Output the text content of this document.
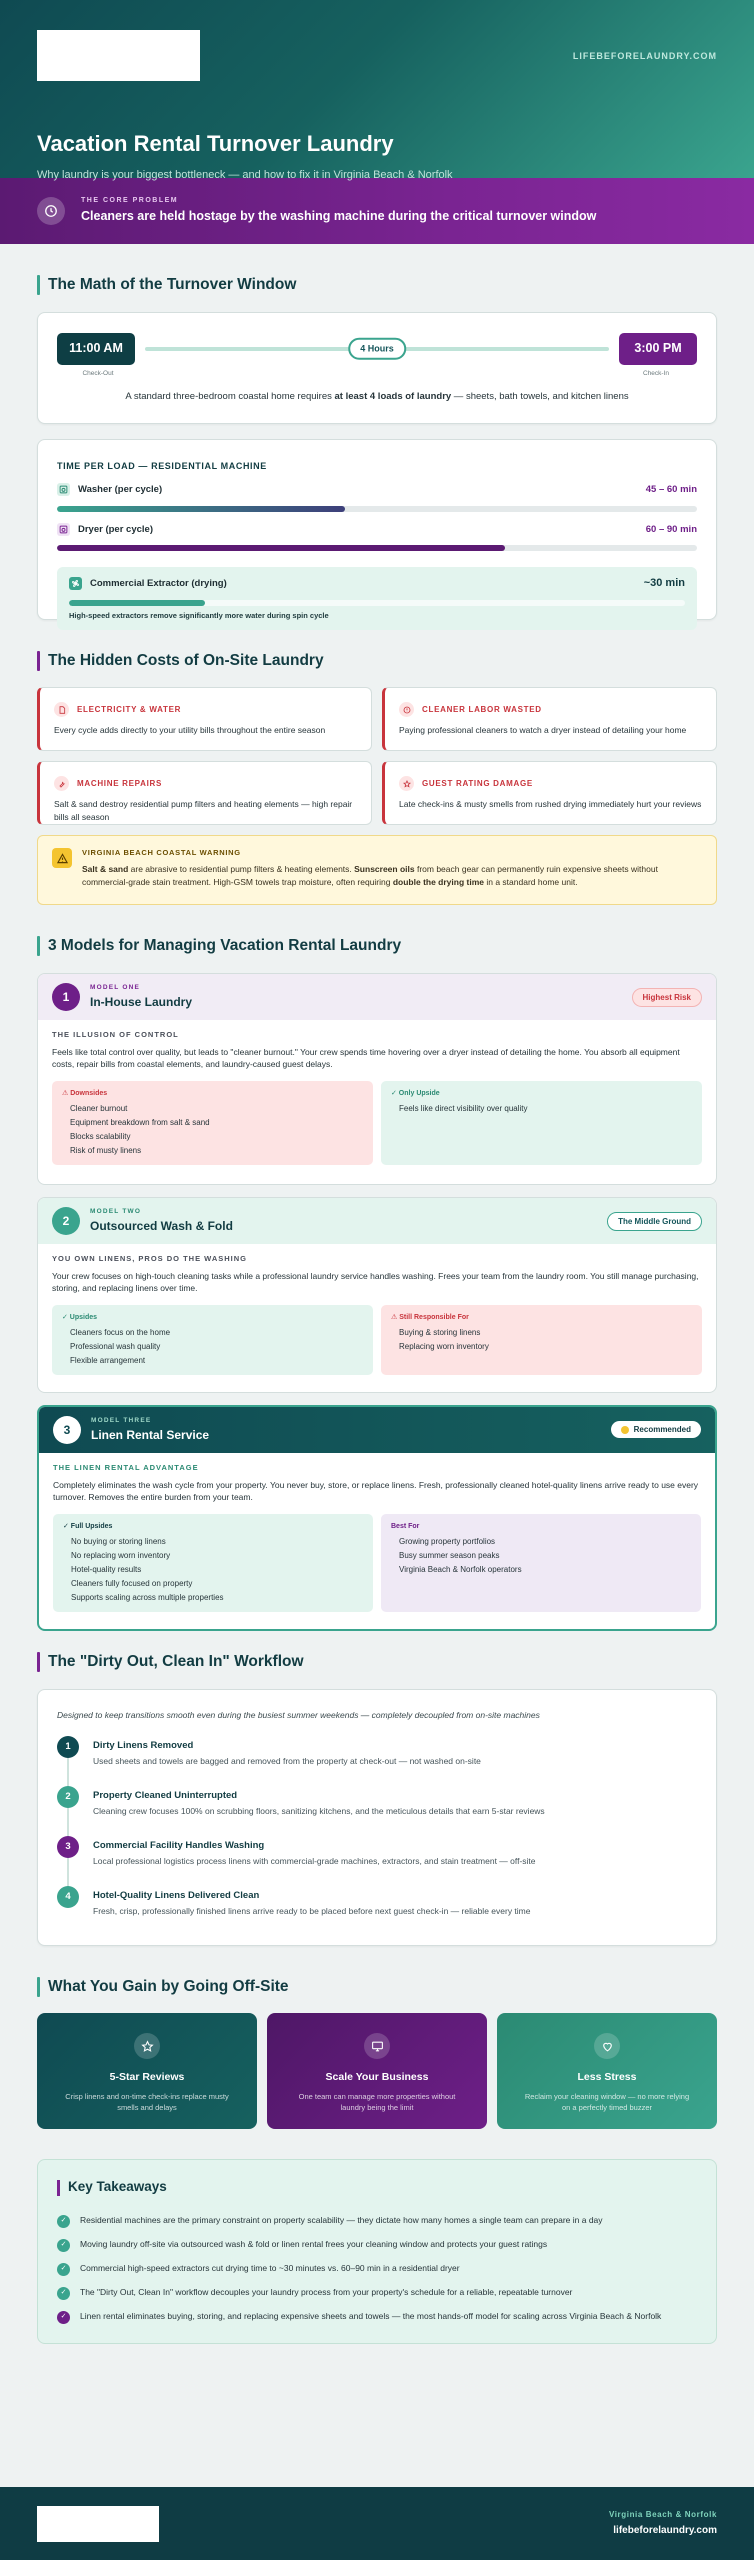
LIFEBEFORELAUNDRY.COM
Vacation Rental Turnover Laundry
Why laundry is your biggest bottleneck — and how to fix it in Virginia Beach & Norfolk
THE CORE PROBLEM
Cleaners are held hostage by the washing machine during the critical turnover window
The Math of the Turnover Window
11:00 AM	4 Hours	3:00 PM
Check-Out	Check-In
A standard three-bedroom coastal home requires at least 4 loads of laundry — sheets, bath towels, and kitchen linens
TIME PER LOAD — RESIDENTIAL MACHINE
Washer (per cycle)	45 – 60 min
Dryer (per cycle)	60 – 90 min
Commercial Extractor (drying)	~30 min
High-speed extractors remove significantly more water during spin cycle
The Hidden Costs of On-Site Laundry
ELECTRICITY & WATER
Every cycle adds directly to your utility bills throughout the entire season
CLEANER LABOR WASTED
Paying professional cleaners to watch a dryer instead of detailing your home
MACHINE REPAIRS
Salt & sand destroy residential pump filters and heating elements — high repair bills all season
GUEST RATING DAMAGE
Late check-ins & musty smells from rushed drying immediately hurt your reviews
VIRGINIA BEACH COASTAL WARNING
Salt & sand are abrasive to residential pump filters & heating elements. Sunscreen oils from beach gear can permanently ruin expensive sheets without commercial-grade stain treatment. High-GSM towels trap moisture, often requiring double the drying time in a standard home unit.
3 Models for Managing Vacation Rental Laundry
1
MODEL ONE
In-House Laundry	Highest Risk
THE ILLUSION OF CONTROL
Feels like total control over quality, but leads to "cleaner burnout." Your crew spends time hovering over a dryer instead of detailing the home. You absorb all equipment costs, repair bills from coastal elements, and laundry-caused guest delays.
⚠ Downsides
Cleaner burnout
Equipment breakdown from salt & sand
Blocks scalability
Risk of musty linens
✓ Only Upside
Feels like direct visibility over quality
2
MODEL TWO
Outsourced Wash & Fold	The Middle Ground
YOU OWN LINENS, PROS DO THE WASHING
Your crew focuses on high-touch cleaning tasks while a professional laundry service handles washing. Frees your team from the laundry room. You still manage purchasing, storing, and replacing linens over time.
✓ Upsides
Cleaners focus on the home
Professional wash quality
Flexible arrangement
⚠ Still Responsible For
Buying & storing linens
Replacing worn inventory
3
MODEL THREE
Linen Rental Service	Recommended
THE LINEN RENTAL ADVANTAGE
Completely eliminates the wash cycle from your property. You never buy, store, or replace linens. Fresh, professionally cleaned hotel-quality linens arrive ready to use every turnover. Removes the entire burden from your team.
✓ Full Upsides
No buying or storing linens
No replacing worn inventory
Hotel-quality results
Cleaners fully focused on property
Supports scaling across multiple properties
Best For
Growing property portfolios
Busy summer season peaks
Virginia Beach & Norfolk operators
The "Dirty Out, Clean In" Workflow
Designed to keep transitions smooth even during the busiest summer weekends — completely decoupled from on-site machines
1	Dirty Linens Removed
Used sheets and towels are bagged and removed from the property at check-out — not washed on-site
2	Property Cleaned Uninterrupted
Cleaning crew focuses 100% on scrubbing floors, sanitizing kitchens, and the meticulous details that earn 5-star reviews
3	Commercial Facility Handles Washing
Local professional logistics process linens with commercial-grade machines, extractors, and stain treatment — off-site
4	Hotel-Quality Linens Delivered Clean
Fresh, crisp, professionally finished linens arrive ready to be placed before next guest check-in — reliable every time
What You Gain by Going Off-Site
5-Star Reviews
Crisp linens and on-time check-ins replace musty smells and delays
Scale Your Business
One team can manage more properties without laundry being the limit
Less Stress
Reclaim your cleaning window — no more relying on a perfectly timed buzzer
Key Takeaways
✓	Residential machines are the primary constraint on property scalability — they dictate how many homes a single team can prepare in a day
✓	Moving laundry off-site via outsourced wash & fold or linen rental frees your cleaning window and protects your guest ratings
✓	Commercial high-speed extractors cut drying time to ~30 minutes vs. 60–90 min in a residential dryer
✓	The "Dirty Out, Clean In" workflow decouples your laundry process from your property's schedule for a reliable, repeatable turnover
✓	Linen rental eliminates buying, storing, and replacing expensive sheets and towels — the most hands-off model for scaling across Virginia Beach & Norfolk
Virginia Beach & Norfolk
lifebeforelaundry.com
